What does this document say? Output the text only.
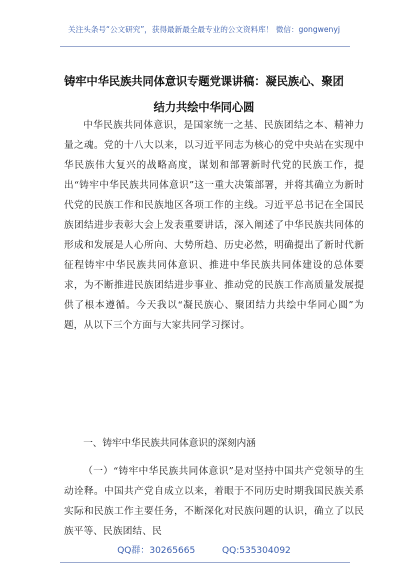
关注头条号“公文研究”，获得最新最全最专业的公文资料库！ 微信：gongwenyj
铸牢中华民族共同体意识专题党课讲稿：凝民族心、聚团
结力共绘中华同心圆

中华民族共同体意识，是国家统一之基、民族团结之本、精神力量之魂。党的十八大以来，以习近平同志为核心的党中央站在实现中华民族伟大复兴的战略高度，谋划和部署新时代党的民族工作，提出“铸牢中华民族共同体意识”这一重大决策部署，并将其确立为新时代党的民族工作和民族地区各项工作的主线。习近平总书记在全国民族团结进步表彰大会上发表重要讲话，深入阐述了中华民族共同体的形成和发展是人心所向、大势所趋、历史必然，明确提出了新时代新征程铸牢中华民族共同体意识、推进中华民族共同体建设的总体要求，为不断推进民族团结进步事业、推动党的民族工作高质量发展提供了根本遵循。今天我以“凝民族心、聚团结力共绘中华同心圆”为题，从以下三个方面与大家共同学习探讨。

一、铸牢中华民族共同体意识的深刻内涵

（一）“铸牢中华民族共同体意识”是对坚持中国共产党领导的生动诠释。中国共产党自成立以来，着眼于不同历史时期我国民族关系实际和民族工作主要任务，不断深化对民族问题的认识，确立了以民族平等、民族团结、民

QQ群：30265665	QQ:535304092
